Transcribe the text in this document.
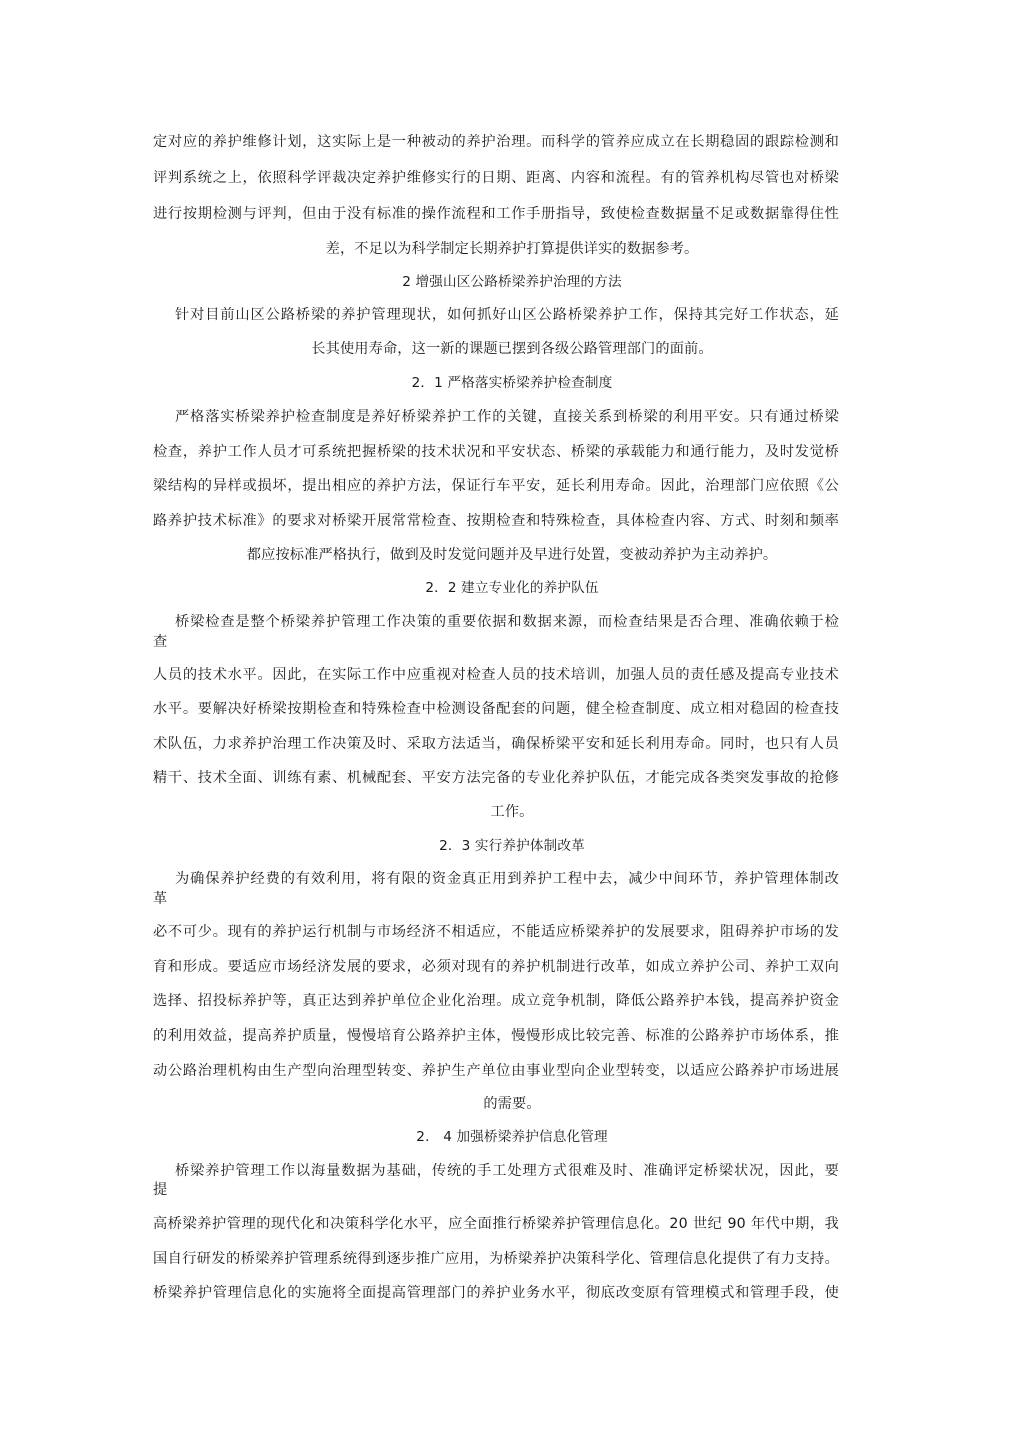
定对应的养护维修计划，这实际上是一种被动的养护治理。而科学的管养应成立在长期稳固的跟踪检测和
评判系统之上，依照科学评裁决定养护维修实行的日期、距离、内容和流程。有的管养机构尽管也对桥梁
进行按期检测与评判，但由于没有标准的操作流程和工作手册指导，致使检查数据量不足或数据靠得住性
差，不足以为科学制定长期养护打算提供详实的数据参考。
2 增强山区公路桥梁养护治理的方法
针对目前山区公路桥梁的养护管理现状，如何抓好山区公路桥梁养护工作，保持其完好工作状态，延
长其使用寿命，这一新的课题已摆到各级公路管理部门的面前。
2．1 严格落实桥梁养护检查制度
严格落实桥梁养护检查制度是养好桥梁养护工作的关键，直接关系到桥梁的利用平安。只有通过桥梁
检查，养护工作人员才可系统把握桥梁的技术状况和平安状态、桥梁的承载能力和通行能力，及时发觉桥
梁结构的异样或损坏，提出相应的养护方法，保证行车平安，延长利用寿命。因此，治理部门应依照《公
路养护技术标准》的要求对桥梁开展常常检查、按期检查和特殊检查，具体检查内容、方式、时刻和频率
都应按标准严格执行，做到及时发觉问题并及早进行处置，变被动养护为主动养护。
2．2 建立专业化的养护队伍
桥梁检查是整个桥梁养护管理工作决策的重要依据和数据来源，而检查结果是否合理、准确依赖于检
查
人员的技术水平。因此，在实际工作中应重视对检查人员的技术培训，加强人员的责任感及提高专业技术
水平。要解决好桥梁按期检查和特殊检查中检测设备配套的问题，健全检查制度、成立相对稳固的检查技
术队伍，力求养护治理工作决策及时、采取方法适当，确保桥梁平安和延长利用寿命。同时，也只有人员
精干、技术全面、训练有素、机械配套、平安方法完备的专业化养护队伍，才能完成各类突发事故的抢修
工作。
2．3 实行养护体制改革
为确保养护经费的有效利用，将有限的资金真正用到养护工程中去，减少中间环节，养护管理体制改
革
必不可少。现有的养护运行机制与市场经济不相适应，不能适应桥梁养护的发展要求，阻碍养护市场的发
育和形成。要适应市场经济发展的要求，必须对现有的养护机制进行改革，如成立养护公司、养护工双向
选择、招投标养护等，真正达到养护单位企业化治理。成立竞争机制，降低公路养护本钱，提高养护资金
的利用效益，提高养护质量，慢慢培育公路养护主体，慢慢形成比较完善、标准的公路养护市场体系，推
动公路治理机构由生产型向治理型转变、养护生产单位由事业型向企业型转变，以适应公路养护市场进展
的需要。
2． 4 加强桥梁养护信息化管理
桥梁养护管理工作以海量数据为基础，传统的手工处理方式很难及时、准确评定桥梁状况，因此，要
提
高桥梁养护管理的现代化和决策科学化水平，应全面推行桥梁养护管理信息化。20 世纪 90 年代中期，我
国自行研发的桥梁养护管理系统得到逐步推广应用，为桥梁养护决策科学化、管理信息化提供了有力支持。
桥梁养护管理信息化的实施将全面提高管理部门的养护业务水平，彻底改变原有管理模式和管理手段，使
